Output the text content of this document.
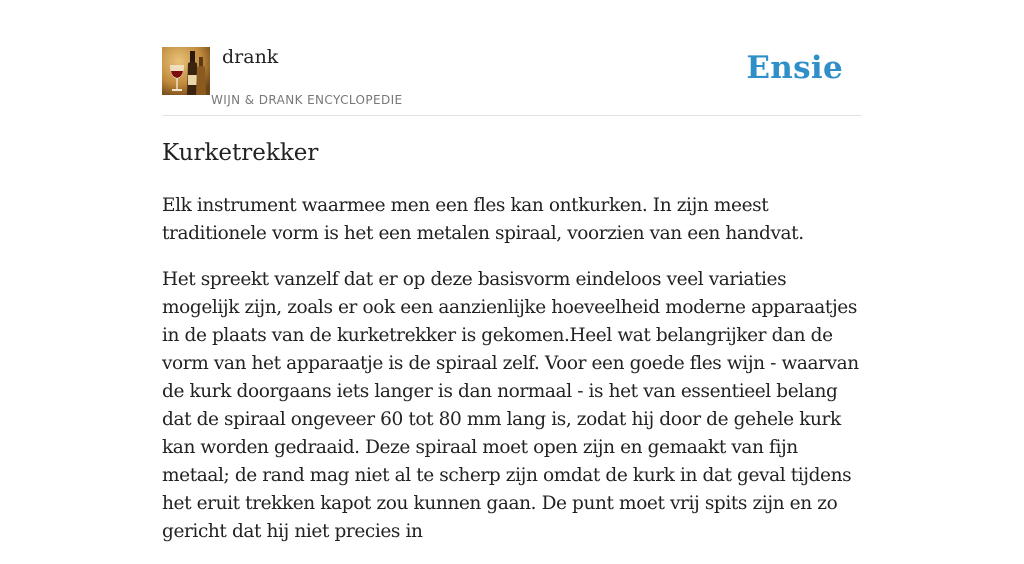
drank
WIJN & DRANK ENCYCLOPEDIE
Ensie
Kurketrekker

Elk instrument waarmee men een fles kan ontkurken. In zijn meest traditionele vorm is het een metalen spiraal, voorzien van een handvat.

Het spreekt vanzelf dat er op deze basisvorm eindeloos veel variaties mogelijk zijn, zoals er ook een aanzienlijke hoeveelheid moderne apparaatjes in de plaats van de kurketrekker is gekomen.Heel wat belangrijker dan de vorm van het apparaatje is de spiraal zelf. Voor een goede fles wijn - waarvan de kurk doorgaans iets langer is dan normaal - is het van essentieel belang dat de spiraal ongeveer 60 tot 80 mm lang is, zodat hij door de gehele kurk kan worden gedraaid. Deze spiraal moet open zijn en gemaakt van fijn metaal; de rand mag niet al te scherp zijn omdat de kurk in dat geval tijdens het eruit trekken kapot zou kunnen gaan. De punt moet vrij spits zijn en zo gericht dat hij niet precies in
